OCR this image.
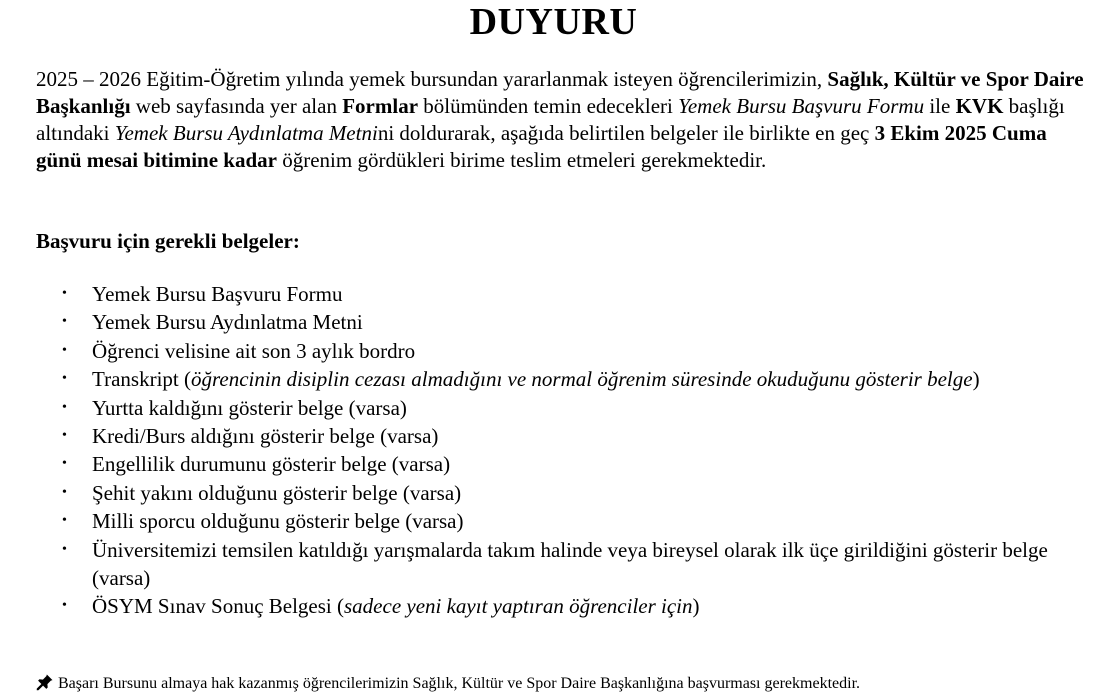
DUYURU

2025 – 2026 Eğitim-Öğretim yılında yemek bursundan yararlanmak isteyen öğrencilerimizin, Sağlık, Kültür ve Spor Daire Başkanlığı web sayfasında yer alan Formlar bölümünden temin edecekleri Yemek Bursu Başvuru Formu ile KVK başlığı altındaki Yemek Bursu Aydınlatma Metnini doldurarak, aşağıda belirtilen belgeler ile birlikte en geç 3 Ekim 2025 Cuma günü mesai bitimine kadar öğrenim gördükleri birime teslim etmeleri gerekmektedir.

Başvuru için gerekli belgeler:
• Yemek Bursu Başvuru Formu
• Yemek Bursu Aydınlatma Metni
• Öğrenci velisine ait son 3 aylık bordro
• Transkript (öğrencinin disiplin cezası almadığını ve normal öğrenim süresinde okuduğunu gösterir belge)
• Yurtta kaldığını gösterir belge (varsa)
• Kredi/Burs aldığını gösterir belge (varsa)
• Engellilik durumunu gösterir belge (varsa)
• Şehit yakını olduğunu gösterir belge (varsa)
• Milli sporcu olduğunu gösterir belge (varsa)
• Üniversitemizi temsilen katıldığı yarışmalarda takım halinde veya bireysel olarak ilk üçe girildiğini gösterir belge (varsa)
• ÖSYM Sınav Sonuç Belgesi (sadece yeni kayıt yaptıran öğrenciler için)
Başarı Bursunu almaya hak kazanmış öğrencilerimizin Sağlık, Kültür ve Spor Daire Başkanlığına başvurması gerekmektedir.
